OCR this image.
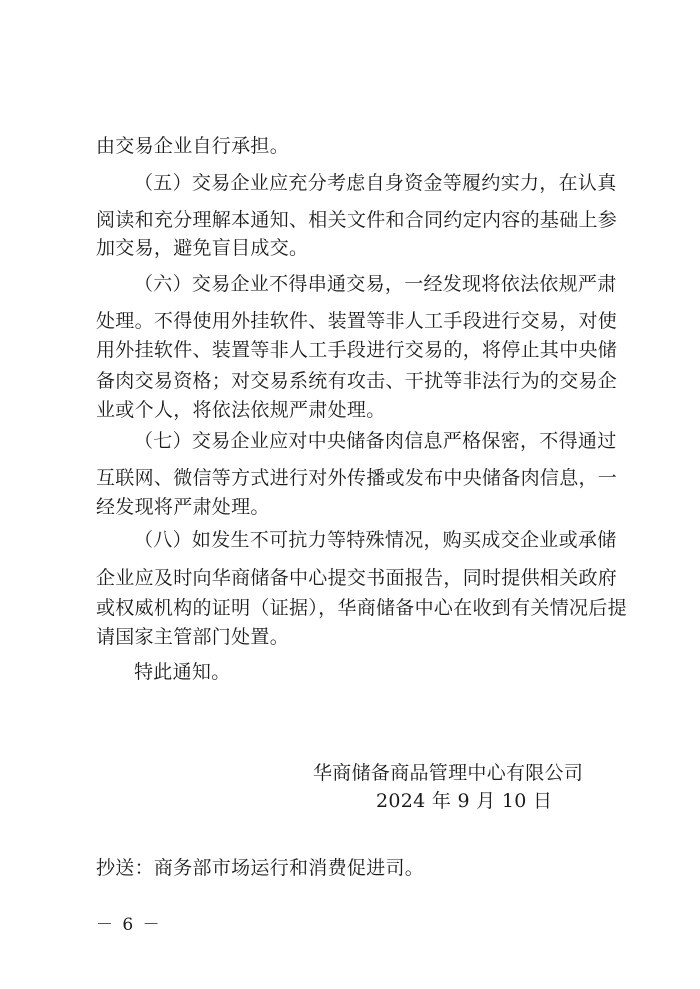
由交易企业自行承担。
（五）交易企业应充分考虑自身资金等履约实力，在认真
阅读和充分理解本通知、相关文件和合同约定内容的基础上参
加交易，避免盲目成交。
（六）交易企业不得串通交易，一经发现将依法依规严肃
处理。不得使用外挂软件、装置等非人工手段进行交易，对使
用外挂软件、装置等非人工手段进行交易的，将停止其中央储
备肉交易资格；对交易系统有攻击、干扰等非法行为的交易企
业或个人，将依法依规严肃处理。
（七）交易企业应对中央储备肉信息严格保密，不得通过
互联网、微信等方式进行对外传播或发布中央储备肉信息，一
经发现将严肃处理。
（八）如发生不可抗力等特殊情况，购买成交企业或承储
企业应及时向华商储备中心提交书面报告，同时提供相关政府
或权威机构的证明（证据），华商储备中心在收到有关情况后提
请国家主管部门处置。
特此通知。
华商储备商品管理中心有限公司
2024 年 9 月 10 日
抄送：商务部市场运行和消费促进司。
－ 6 －
